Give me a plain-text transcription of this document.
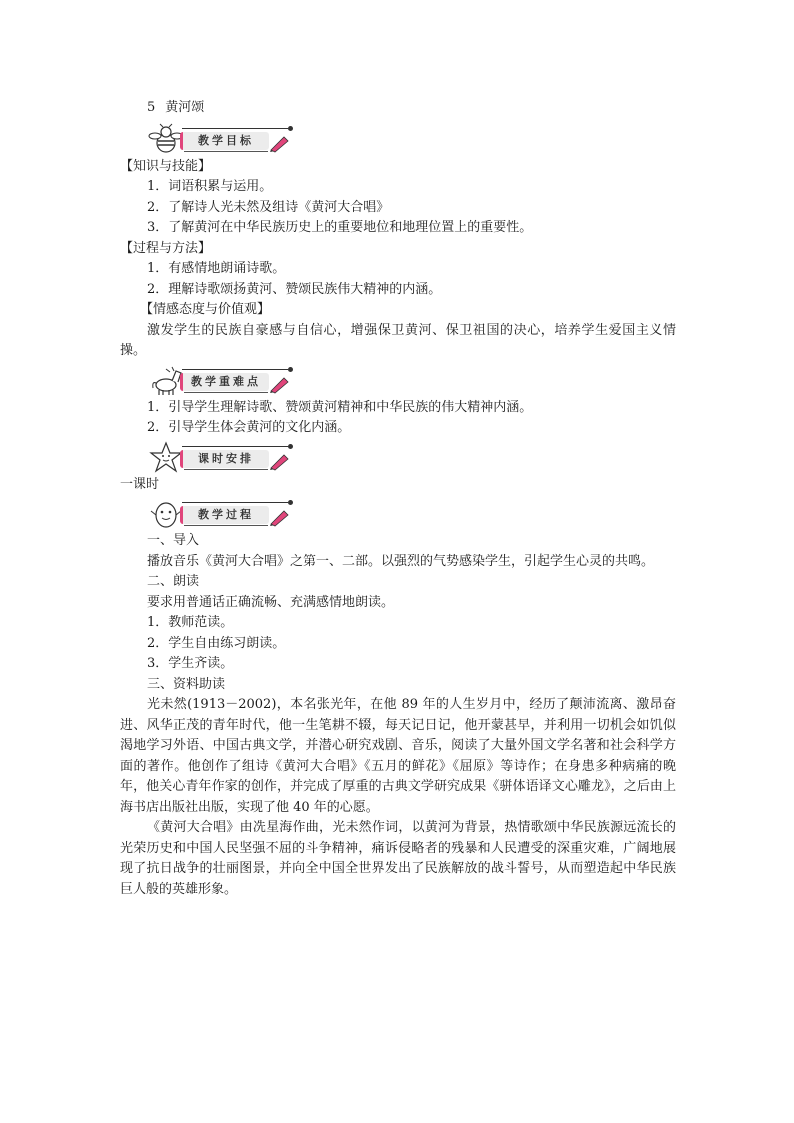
5 黄河颂
教学目标
【知识与技能】
1．词语积累与运用。
2．了解诗人光未然及组诗《黄河大合唱》
3．了解黄河在中华民族历史上的重要地位和地理位置上的重要性。
【过程与方法】
1．有感情地朗诵诗歌。
2．理解诗歌颂扬黄河、赞颂民族伟大精神的内涵。
【情感态度与价值观】
激发学生的民族自豪感与自信心，增强保卫黄河、保卫祖国的决心，培养学生爱国主义情操。
教学重难点
1．引导学生理解诗歌、赞颂黄河精神和中华民族的伟大精神内涵。
2．引导学生体会黄河的文化内涵。
课时安排
一课时
教学过程
一、导入
播放音乐《黄河大合唱》之第一、二部。以强烈的气势感染学生，引起学生心灵的共鸣。
二、朗读
要求用普通话正确流畅、充满感情地朗读。
1．教师范读。
2．学生自由练习朗读。
3．学生齐读。
三、资料助读
光未然(1913－2002)，本名张光年，在他 89 年的人生岁月中，经历了颠沛流离、激昂奋进、风华正茂的青年时代，他一生笔耕不辍，每天记日记，他开蒙甚早，并利用一切机会如饥似渴地学习外语、中国古典文学，并潜心研究戏剧、音乐，阅读了大量外国文学名著和社会科学方面的著作。他创作了组诗《黄河大合唱》《五月的鲜花》《屈原》等诗作；在身患多种病痛的晚年，他关心青年作家的创作，并完成了厚重的古典文学研究成果《骈体语译文心雕龙》，之后由上海书店出版社出版，实现了他 40 年的心愿。
《黄河大合唱》由冼星海作曲，光未然作词，以黄河为背景，热情歌颂中华民族源远流长的光荣历史和中国人民坚强不屈的斗争精神，痛诉侵略者的残暴和人民遭受的深重灾难，广阔地展现了抗日战争的壮丽图景，并向全中国全世界发出了民族解放的战斗誓号，从而塑造起中华民族巨人般的英雄形象。
